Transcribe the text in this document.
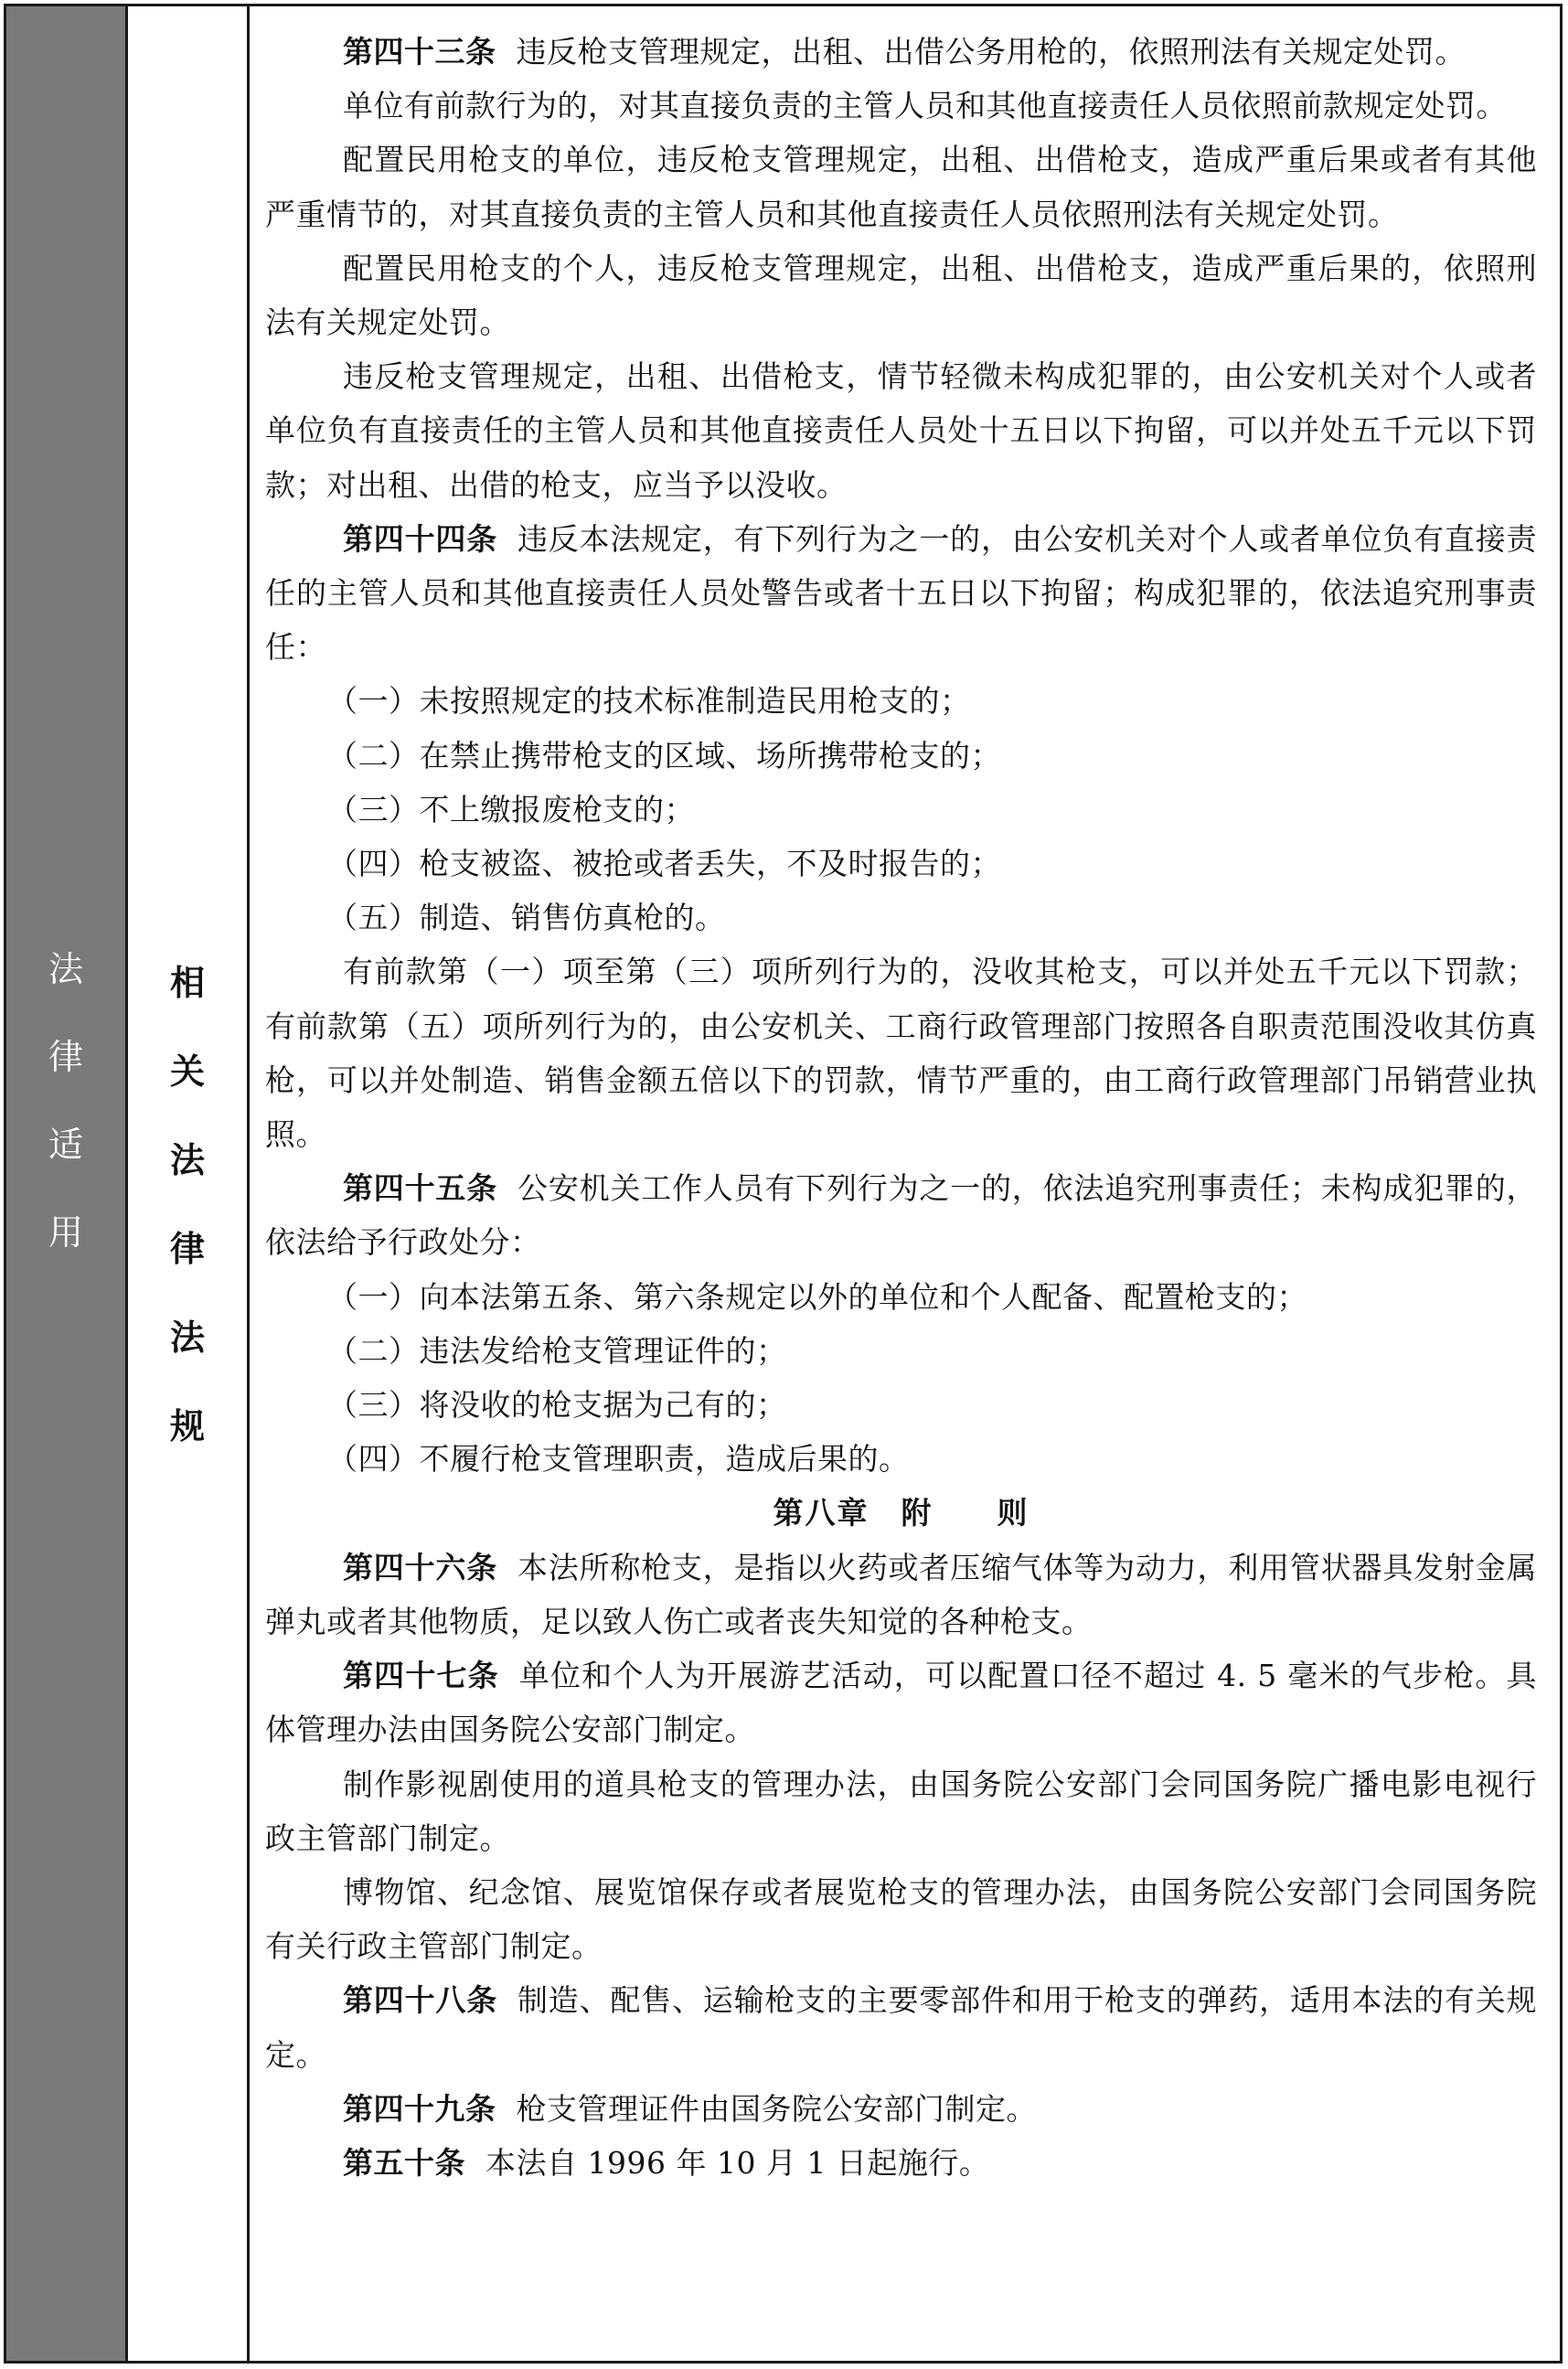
法
律
适
用
相
关
法
律
法
规

第四十三条 违反枪支管理规定，出租、出借公务用枪的，依照刑法有关规定处罚。

单位有前款行为的，对其直接负责的主管人员和其他直接责任人员依照前款规定处罚。

配置民用枪支的单位，违反枪支管理规定，出租、出借枪支，造成严重后果或者有其他严重情节的，对其直接负责的主管人员和其他直接责任人员依照刑法有关规定处罚。

配置民用枪支的个人，违反枪支管理规定，出租、出借枪支，造成严重后果的，依照刑法有关规定处罚。

违反枪支管理规定，出租、出借枪支，情节轻微未构成犯罪的，由公安机关对个人或者单位负有直接责任的主管人员和其他直接责任人员处十五日以下拘留，可以并处五千元以下罚款；对出租、出借的枪支，应当予以没收。

第四十四条 违反本法规定，有下列行为之一的，由公安机关对个人或者单位负有直接责任的主管人员和其他直接责任人员处警告或者十五日以下拘留；构成犯罪的，依法追究刑事责任：

（一）未按照规定的技术标准制造民用枪支的；

（二）在禁止携带枪支的区域、场所携带枪支的；

（三）不上缴报废枪支的；

（四）枪支被盗、被抢或者丢失，不及时报告的；

（五）制造、销售仿真枪的。

有前款第（一）项至第（三）项所列行为的，没收其枪支，可以并处五千元以下罚款；有前款第（五）项所列行为的，由公安机关、工商行政管理部门按照各自职责范围没收其仿真枪，可以并处制造、销售金额五倍以下的罚款，情节严重的，由工商行政管理部门吊销营业执照。

第四十五条 公安机关工作人员有下列行为之一的，依法追究刑事责任；未构成犯罪的，依法给予行政处分：

（一）向本法第五条、第六条规定以外的单位和个人配备、配置枪支的；

（二）违法发给枪支管理证件的；

（三）将没收的枪支据为己有的；

（四）不履行枪支管理职责，造成后果的。

第八章　附　　则

第四十六条 本法所称枪支，是指以火药或者压缩气体等为动力，利用管状器具发射金属弹丸或者其他物质，足以致人伤亡或者丧失知觉的各种枪支。

第四十七条 单位和个人为开展游艺活动，可以配置口径不超过 4. 5 毫米的气步枪。具体管理办法由国务院公安部门制定。

制作影视剧使用的道具枪支的管理办法，由国务院公安部门会同国务院广播电影电视行政主管部门制定。

博物馆、纪念馆、展览馆保存或者展览枪支的管理办法，由国务院公安部门会同国务院有关行政主管部门制定。

第四十八条 制造、配售、运输枪支的主要零部件和用于枪支的弹药，适用本法的有关规定。

第四十九条 枪支管理证件由国务院公安部门制定。

第五十条 本法自 1996 年 10 月 1 日起施行。
